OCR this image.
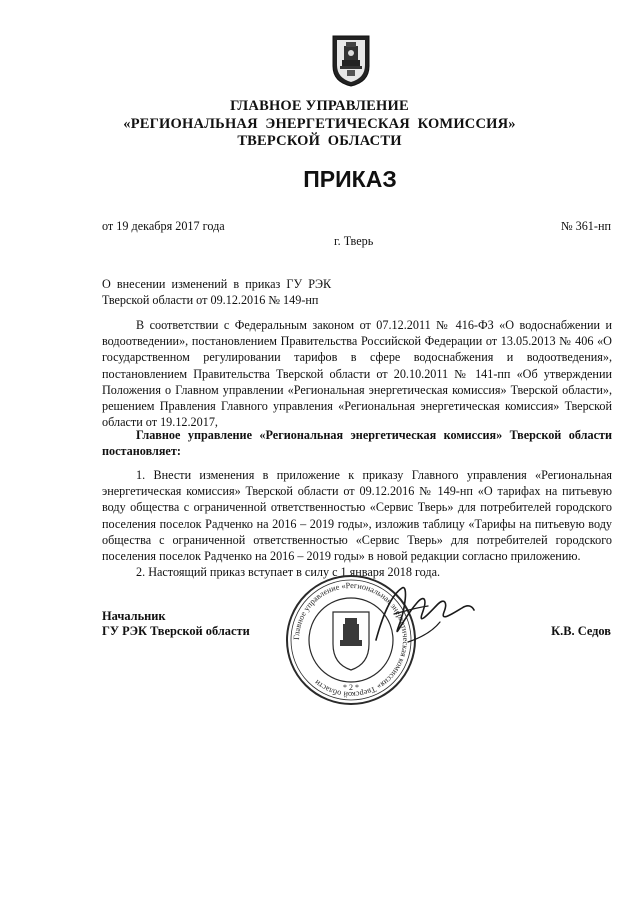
ГЛАВНОЕ УПРАВЛЕНИЕ
«РЕГИОНАЛЬНАЯ  ЭНЕРГЕТИЧЕСКАЯ  КОМИССИЯ»
ТВЕРСКОЙ  ОБЛАСТИ
ПРИКАЗ
от 19 декабря 2017 года	№ 361-нп
г. Тверь
О  внесении  изменений  в  приказ  ГУ  РЭК
Тверской области от 09.12.2016 № 149-нп
В соответствии с Федеральным законом от 07.12.2011 № 416-ФЗ «О водоснабжении и водоотведении», постановлением Правительства Российской Федерации от 13.05.2013 № 406 «О государственном регулировании тарифов в сфере водоснабжения и водоотведения», постановлением Правительства Тверской области от 20.10.2011 № 141-пп «Об утверждении Положения о Главном управлении «Региональная энергетическая комиссия» Тверской области», решением Правления Главного управления «Региональная энергетическая комиссия» Тверской области от 19.12.2017,
Главное управление «Региональная энергетическая комиссия» Тверской области постановляет:
1. Внести изменения в приложение к приказу Главного управления «Региональная энергетическая комиссия» Тверской области от 09.12.2016 № 149-нп «О тарифах на питьевую воду общества с ограниченной ответственностью «Сервис Тверь» для потребителей городского поселения поселок Радченко на 2016 – 2019 годы», изложив таблицу «Тарифы на питьевую воду общества с ограниченной ответственностью «Сервис Тверь» для потребителей городского поселения поселок Радченко на 2016 – 2019 годы» в новой редакции согласно приложению.
2. Настоящий приказ вступает в силу с 1 января 2018 года.
Главное управление «Региональная энергетическая комиссия» Тверской области	* 2 *
Начальник
ГУ РЭК Тверской области	К.В. Седов
